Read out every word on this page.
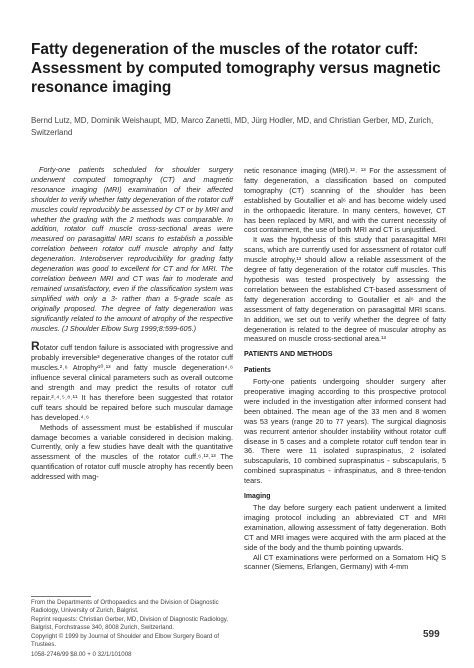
Fatty degeneration of the muscles of the rotator cuff: Assessment by computed tomography versus magnetic resonance imaging

Bernd Lutz, MD, Dominik Weishaupt, MD, Marco Zanetti, MD, Jürg Hodler, MD, and Christian Gerber, MD, Zurich, Switzerland

Forty-one patients scheduled for shoulder surgery underwent computed tomography (CT) and magnetic resonance imaging (MRI) examination of their affected shoulder to verify whether fatty degeneration of the rotator cuff muscles could reproducibly be assessed by CT or by MRI and whether the grading with the 2 methods was comparable. In addition, rotator cuff muscle cross-sectional areas were measured on parasagittal MRI scans to establish a possible correlation between rotator cuff muscle atrophy and fatty degeneration. Interobserver reproducibility for grading fatty degeneration was good to excellent for CT and for MRI. The correlation between MRI and CT was fair to moderate and remained unsatisfactory, even if the classification system was simplified with only a 3- rather than a 5-grade scale as originally proposed. The degree of fatty degeneration was significantly related to the amount of atrophy of the respective muscles. (J Shoulder Elbow Surg 1999;8:599-605.)

Rotator cuff tendon failure is associated with progressive and probably irreversible³ degenerative changes of the rotator cuff muscles.²˒⁶ Atrophy¹⁰˒¹³ and fatty muscle degeneration⁴˒⁶ influence several clinical parameters such as overall outcome and strength and may predict the results of rotator cuff repair.²˒⁴˒⁵˒⁸˒¹¹ It has therefore been suggested that rotator cuff tears should be repaired before such muscular damage has developed.⁴˒⁶

Methods of assessment must be established if muscular damage becomes a variable considered in decision making. Currently, only a few studies have dealt with the quantitative assessment of the muscles of the rotator cuff.⁶˒¹²˒¹³ The quantification of rotator cuff muscle atrophy has recently been addressed with mag-

netic resonance imaging (MRI).¹²˒ ¹³ For the assessment of fatty degeneration, a classification based on computed tomography (CT) scanning of the shoulder has been established by Goutallier et al⁶ and has become widely used in the orthopaedic literature. In many centers, however, CT has been replaced by MRI, and with the current necessity of cost containment, the use of both MRI and CT is unjustified.

It was the hypothesis of this study that parasagittal MRI scans, which are currently used for assessment of rotator cuff muscle atrophy,¹³ should allow a reliable assessment of the degree of fatty degeneration of the rotator cuff muscles. This hypothesis was tested prospectively by assessing the correlation between the established CT-based assessment of fatty degeneration according to Goutallier et al⁶ and the assessment of fatty degeneration on parasagittal MRI scans. In addition, we set out to verify whether the degree of fatty degeneration is related to the degree of muscular atrophy as measured on muscle cross-sectional area.¹³

PATIENTS AND METHODS
Patients

Forty-one patients undergoing shoulder surgery after preoperative imaging according to this prospective protocol were included in the investigation after informed consent had been obtained. The mean age of the 33 men and 8 women was 53 years (range 20 to 77 years). The surgical diagnosis was recurrent anterior shoulder instability without rotator cuff disease in 5 cases and a complete rotator cuff tendon tear in 36. There were 11 isolated supraspinatus, 2 isolated subscapularis, 10 combined supraspinatus - subscapularis, 5 combined supraspinatus - infraspinatus, and 8 three-tendon tears.

Imaging

The day before surgery each patient underwent a limited imaging protocol including an abbreviated CT and MRI examination, allowing assessment of fatty degeneration. Both CT and MRI images were acquired with the arm placed at the side of the body and the thumb pointing upwards.

All CT examinations were performed on a Somatom HiQ S scanner (Siemens, Erlangen, Germany) with 4-mm

From the Departments of Orthopaedics and the Division of Diagnostic Radiology, University of Zurich, Balgrist.

Reprint requests: Christian Gerber, MD, Division of Diagnostic Radiology, Balgrist, Forchstrasse 340, 8008 Zurich, Switzerland.

Copyright © 1999 by Journal of Shoulder and Elbow Surgery Board of Trustees.

1058-2746/99 $8.00 + 0 32/1/101008

599
